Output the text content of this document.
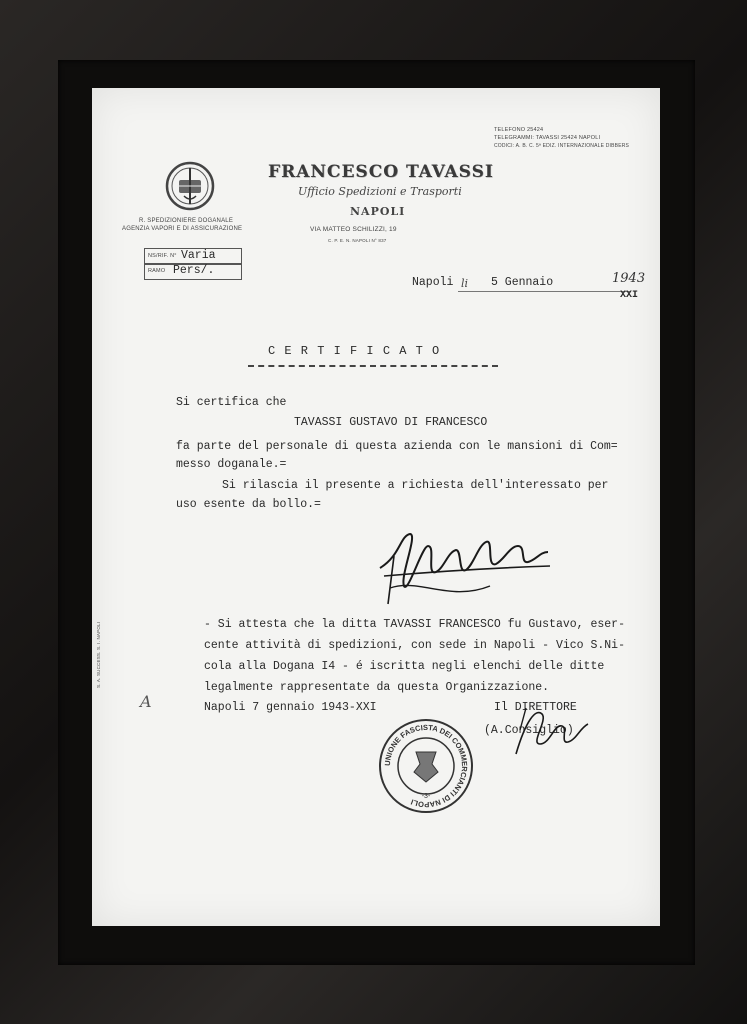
R. SPEDIZIONIERE DOGANALE
AGENZIA VAPORI E DI ASSICURAZIONE
FRANCESCO TAVASSI
Ufficio Spedizioni e Trasporti
NAPOLI
VIA MATTEO SCHILIZZI, 19
C. P. E. N. NAPOLI N° 837
TELEFONO 25424
TELEGRAMMI: TAVASSI 25424 NAPOLI
CODICI: A. B. C. 5ª EDIZ. INTERNAZIONALE DIBBERS
NS/RIF. N° Varia
RAMO Pers/.
Napoli li 5 Gennaio	1943
XXI
C E R T I F I C A T O
Si certifica che
TAVASSI GUSTAVO DI FRANCESCO
fa parte del personale di questa azienda con le mansioni di Com=
messo doganale.=
Si rilascia il presente a richiesta dell'interessato per
uso esente da bollo.=
- Si attesta che la ditta TAVASSI FRANCESCO fu Gustavo, eser-
cente attività di spedizioni, con sede in Napoli - Vico S.Ni-
cola alla Dogana I4 - é iscritta negli elenchi delle ditte
legalmente rappresentate da questa Organizzazione.
Napoli 7 gennaio 1943-XXI	Il DIRETTORE
(A.Consiglio)
UNIONE FASCISTA DEI COMMERCIANTI DI NAPOLI
-3-
S. A. SUCCESS. S. I. NAPOLI
A
